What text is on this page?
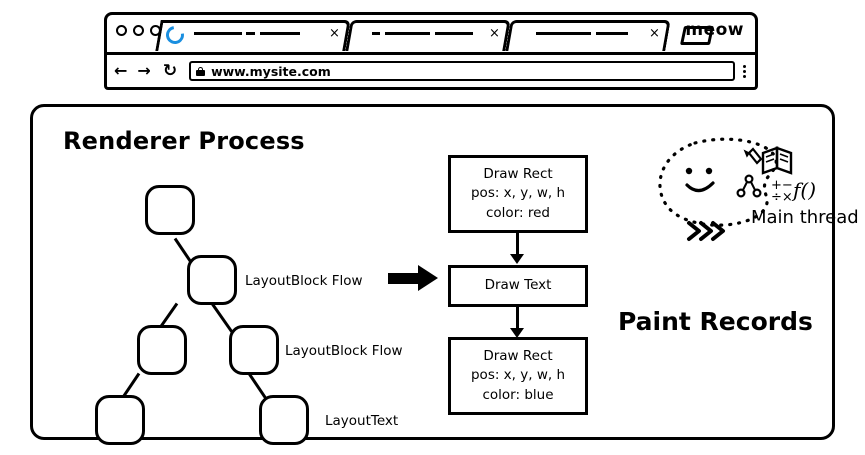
×	×	× meow
← → ↻	www.mysite.com
Renderer Process
LayoutBlock Flow
LayoutBlock Flow
LayoutText
Draw Rect
pos: x, y, w, h
color: red
Draw Text
Draw Rect
pos: x, y, w, h
color: blue
Paint Records
+−
÷× f()
Main thread
